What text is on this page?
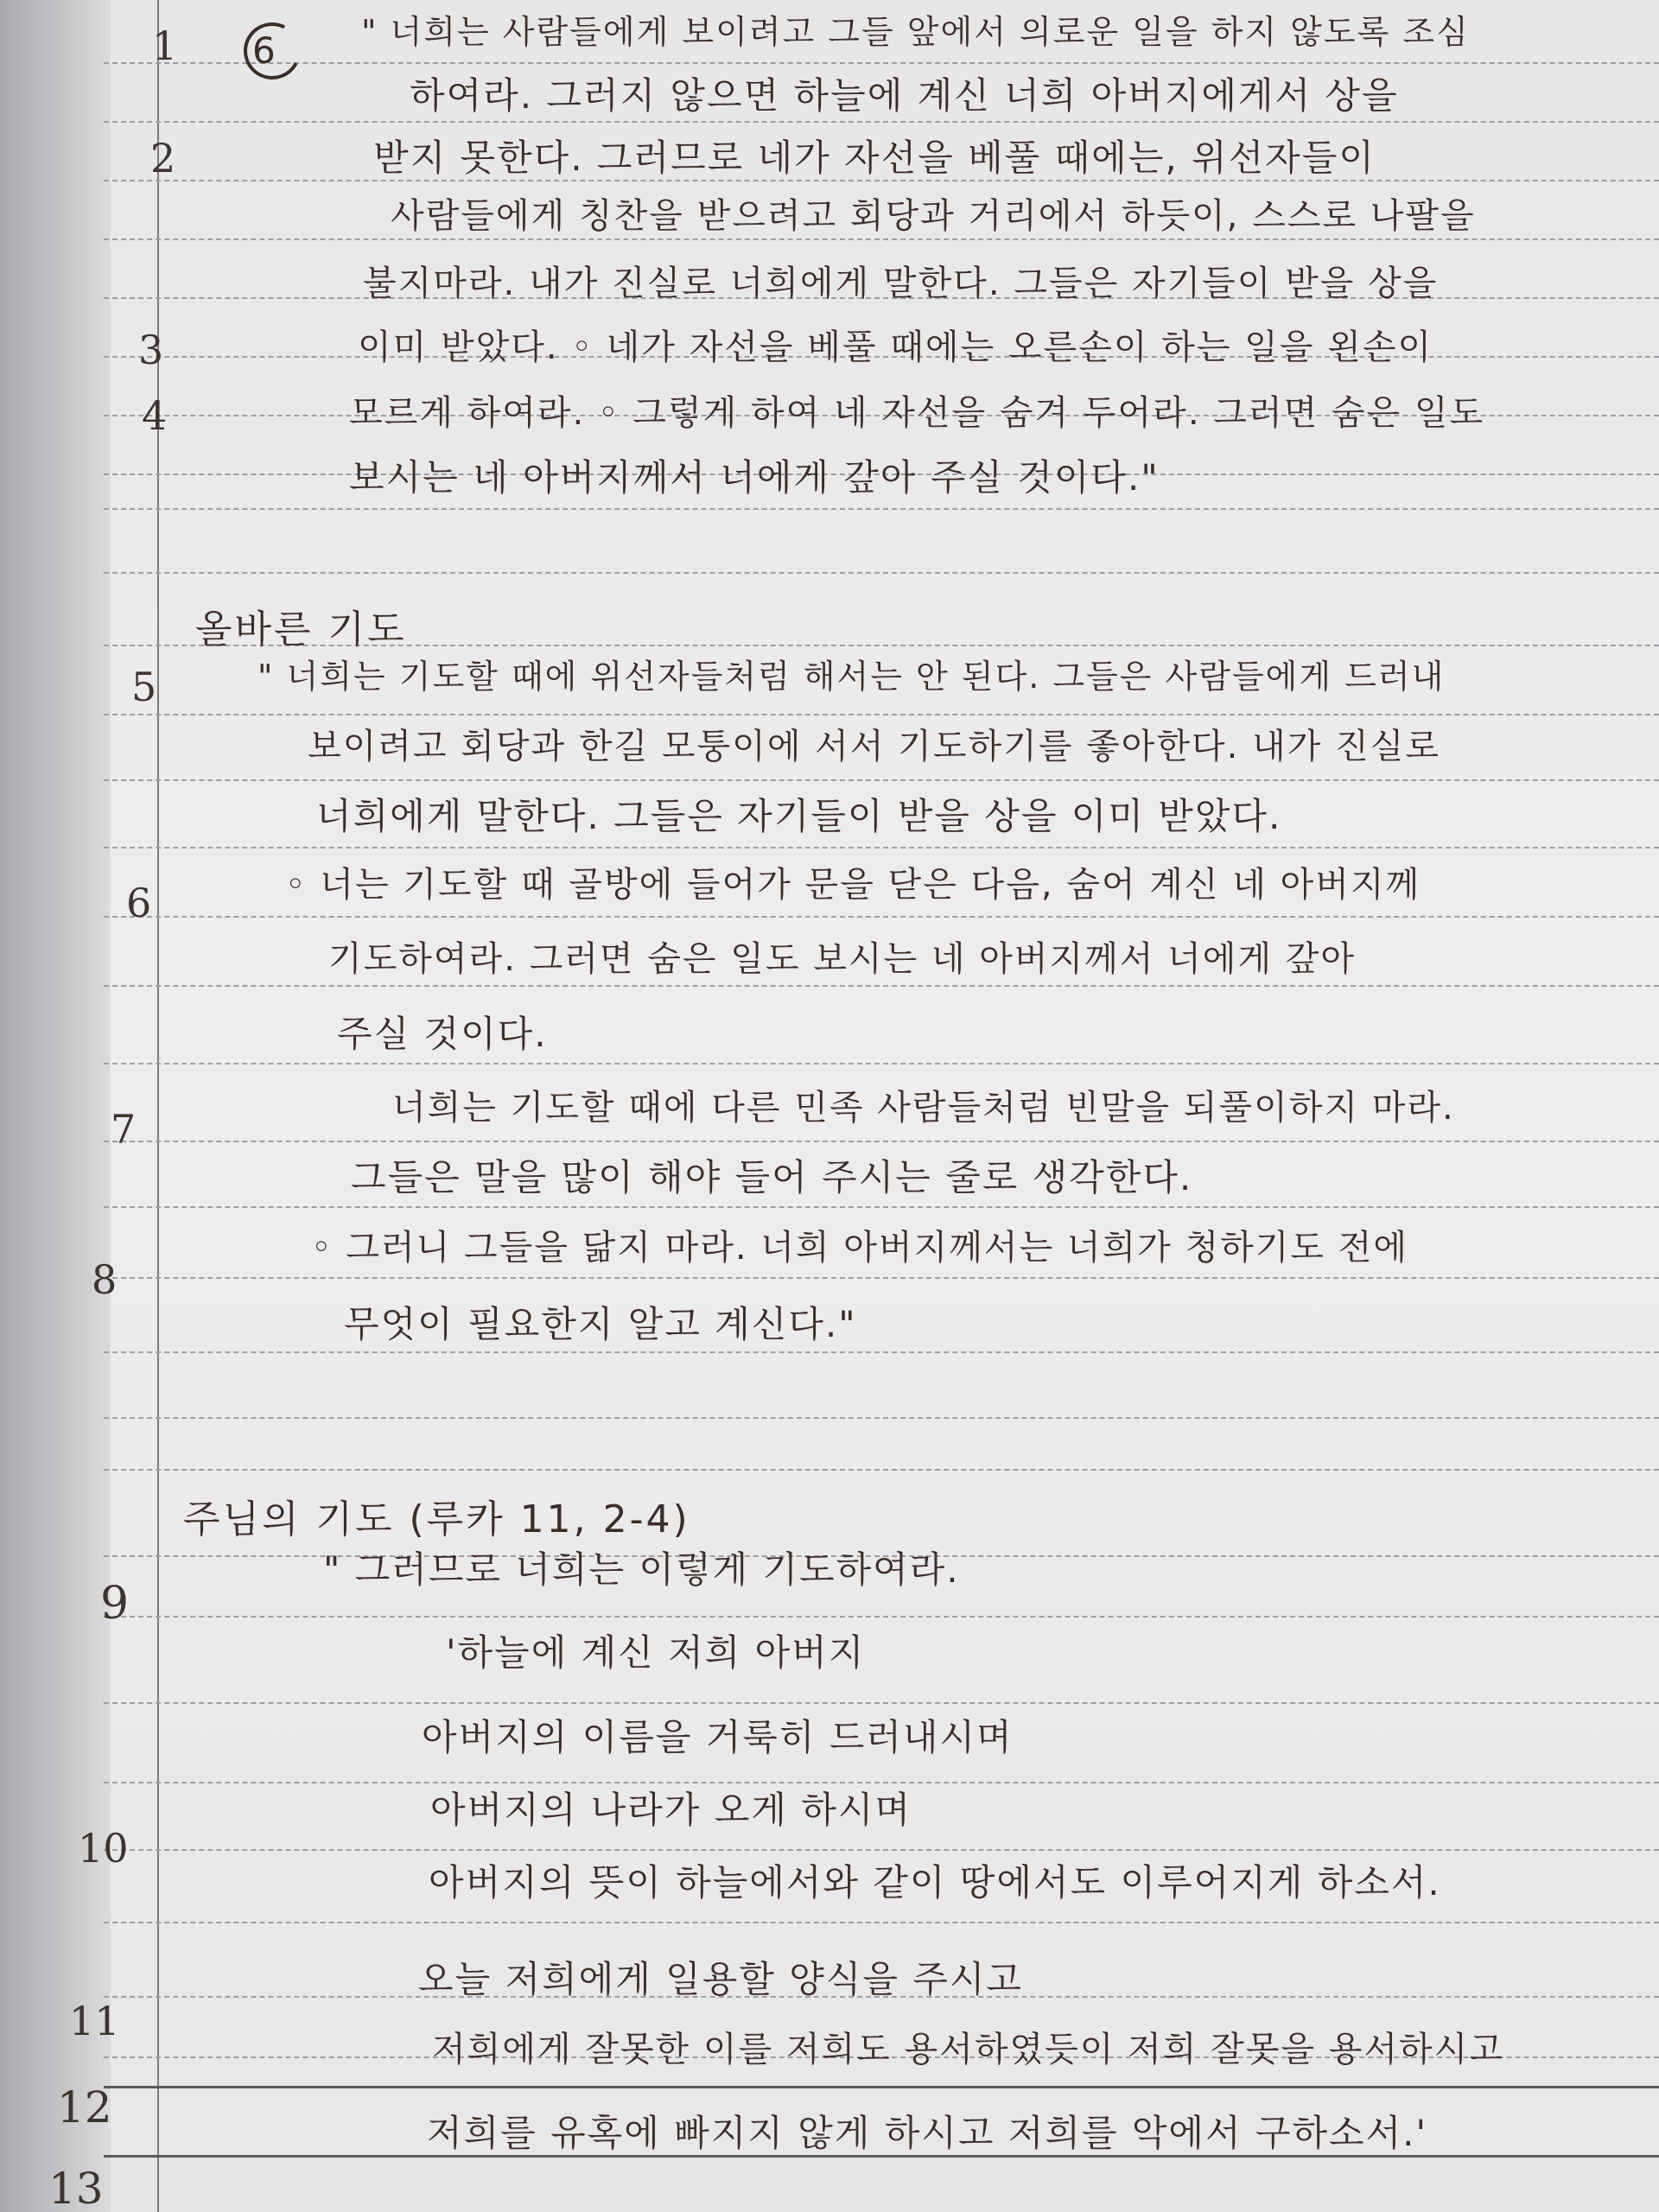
6
1	" 너희는 사람들에게 보이려고 그들 앞에서 의로운 일을 하지 않도록 조심
하여라. 그러지 않으면 하늘에 계신 너희 아버지에게서 상을
2	받지 못한다. 그러므로 네가 자선을 베풀 때에는, 위선자들이
사람들에게 칭찬을 받으려고 회당과 거리에서 하듯이, 스스로 나팔을
불지마라. 내가 진실로 너희에게 말한다. 그들은 자기들이 받을 상을
3	이미 받았다. ◦ 네가 자선을 베풀 때에는 오른손이 하는 일을 왼손이
4	모르게 하여라. ◦ 그렇게 하여 네 자선을 숨겨 두어라. 그러면 숨은 일도
보시는 네 아버지께서 너에게 갚아 주실 것이다."
올바른 기도
5	" 너희는 기도할 때에 위선자들처럼 해서는 안 된다. 그들은 사람들에게 드러내
보이려고 회당과 한길 모퉁이에 서서 기도하기를 좋아한다. 내가 진실로
너희에게 말한다. 그들은 자기들이 받을 상을 이미 받았다.
6	◦ 너는 기도할 때 골방에 들어가 문을 닫은 다음, 숨어 계신 네 아버지께
기도하여라. 그러면 숨은 일도 보시는 네 아버지께서 너에게 갚아
주실 것이다.
7	너희는 기도할 때에 다른 민족 사람들처럼 빈말을 되풀이하지 마라.
그들은 말을 많이 해야 들어 주시는 줄로 생각한다.
8
◦ 그러니 그들을 닮지 마라. 너희 아버지께서는 너희가 청하기도 전에
무엇이 필요한지 알고 계신다."
주님의 기도 (루카 11, 2-4)
9
" 그러므로 너희는 이렇게 기도하여라.
'하늘에 계신 저희 아버지
아버지의 이름을 거룩히 드러내시며
10
아버지의 나라가 오게 하시며
아버지의 뜻이 하늘에서와 같이 땅에서도 이루어지게 하소서.
11
오늘 저희에게 일용할 양식을 주시고
12
저희에게 잘못한 이를 저희도 용서하였듯이 저희 잘못을 용서하시고
13
저희를 유혹에 빠지지 않게 하시고 저희를 악에서 구하소서.'
